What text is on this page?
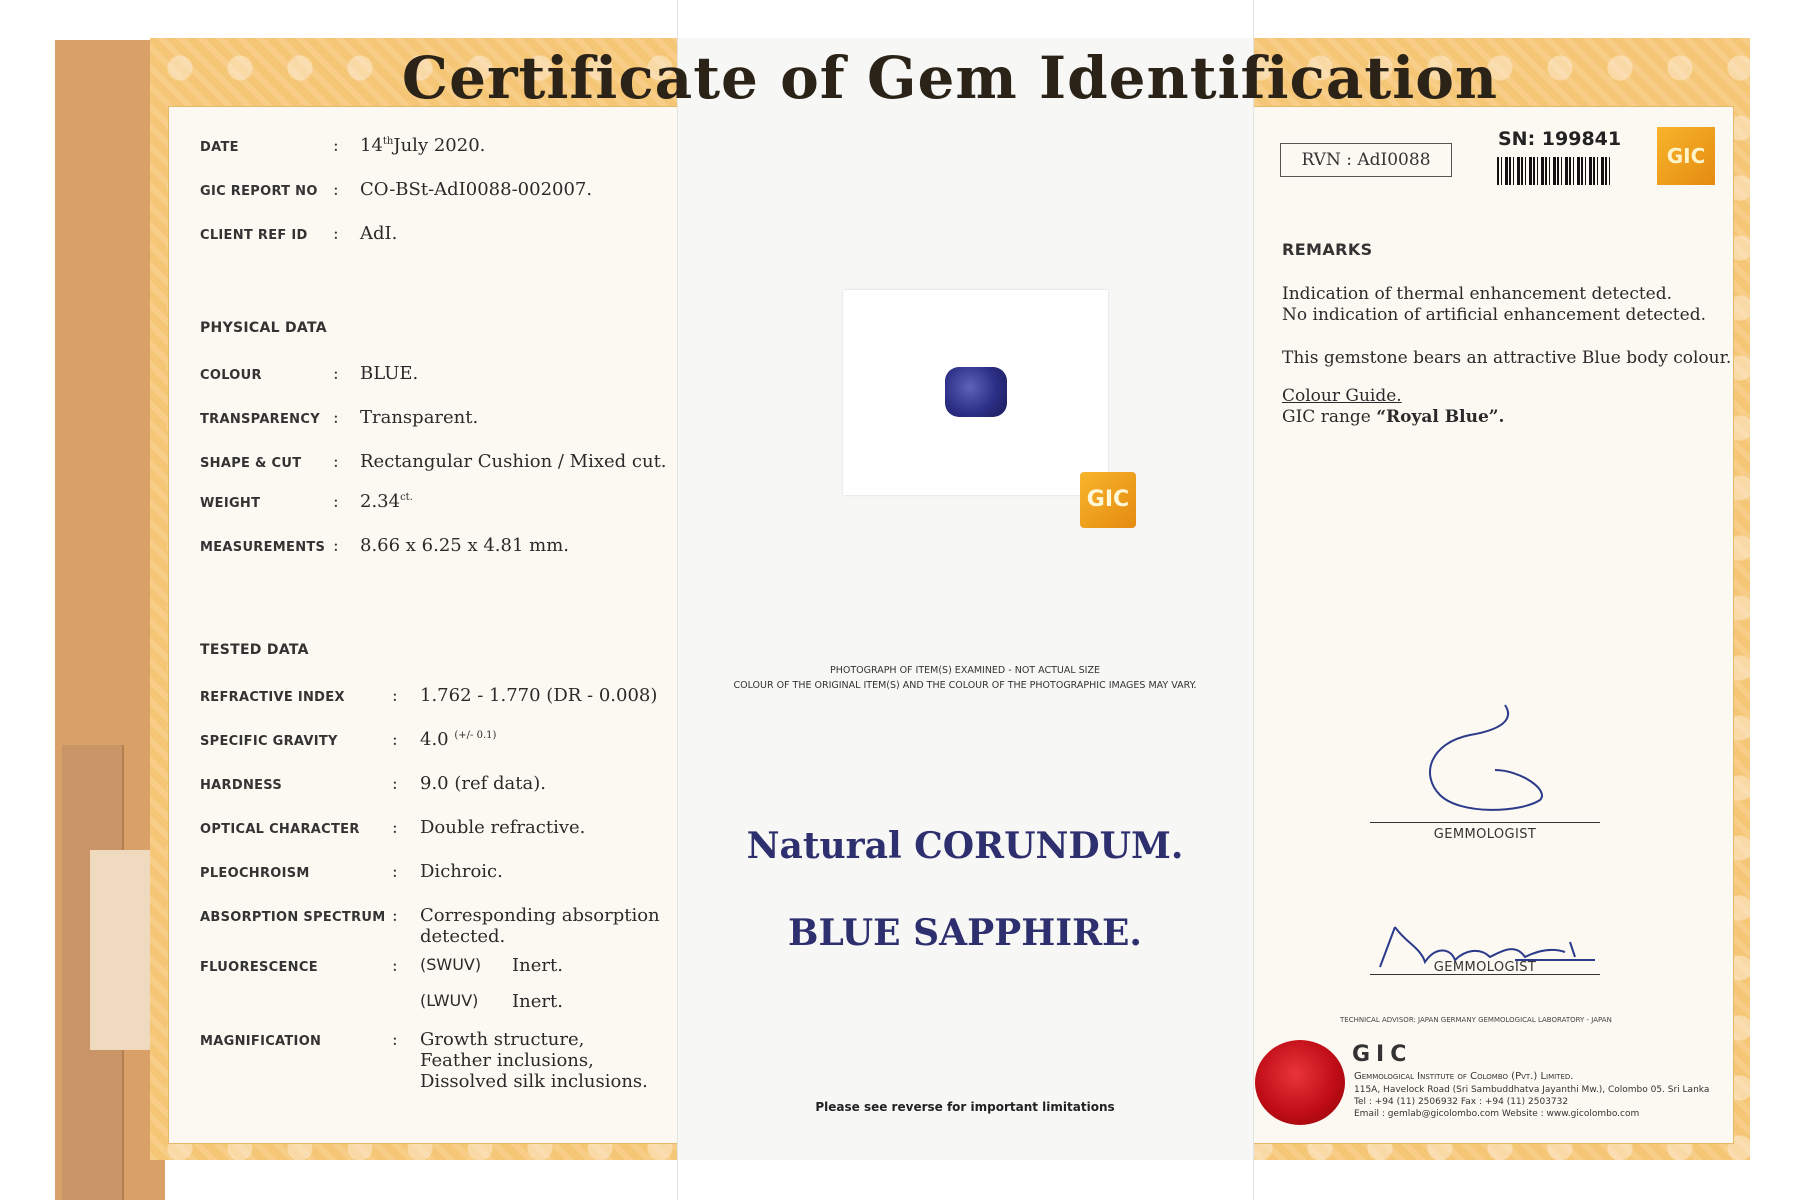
Certificate of Gem Identification
DATE	: 14thJuly 2020.
GIC REPORT NO : CO-BSt-AdI0088-002007.
CLIENT REF ID : AdI.
PHYSICAL DATA
COLOUR	: BLUE.
TRANSPARENCY : Transparent.
SHAPE & CUT : Rectangular Cushion / Mixed cut.
WEIGHT	: $2.34^{ct.}$
MEASUREMENTS : 8.66 x 6.25 x 4.81 mm.
TESTED DATA
REFRACTIVE INDEX	: 1.762 - 1.770 (DR - 0.008)
SPECIFIC GRAVITY	: 4.0 $^{(+/- 0.1)}$
HARDNESS	: 9.0 (ref data).
OPTICAL CHARACTER : Double refractive.
PLEOCHROISM	: Dichroic.
ABSORPTION SPECTRUM : Corresponding absorption
detected.
FLUORESCENCE	: (SWUV) Inert.
(LWUV) Inert.
MAGNIFICATION	: Growth structure,
Feather inclusions,
Dissolved silk inclusions.
GIC
PHOTOGRAPH OF ITEM(S) EXAMINED - NOT ACTUAL SIZE
COLOUR OF THE ORIGINAL ITEM(S) AND THE COLOUR OF THE PHOTOGRAPHIC IMAGES MAY VARY.
Natural CORUNDUM.
BLUE SAPPHIRE.
Please see reverse for important limitations
RVN : AdI0088
SN: 199841
GIC
REMARKS
Indication of thermal enhancement detected.
No indication of artificial enhancement detected.
This gemstone bears an attractive Blue body colour.
Colour Guide.
GIC range “Royal Blue”.
GEMMOLOGIST
GEMMOLOGIST
TECHNICAL ADVISOR: JAPAN GERMANY GEMMOLOGICAL LABORATORY - JAPAN
GIC
Gemmological Institute of Colombo (Pvt.) Limited.
115A, Havelock Road (Sri Sambuddhatva Jayanthi Mw.), Colombo 05. Sri Lanka
Tel : +94 (11) 2506932 Fax : +94 (11) 2503732
Email : gemlab@gicolombo.com Website : www.gicolombo.com
